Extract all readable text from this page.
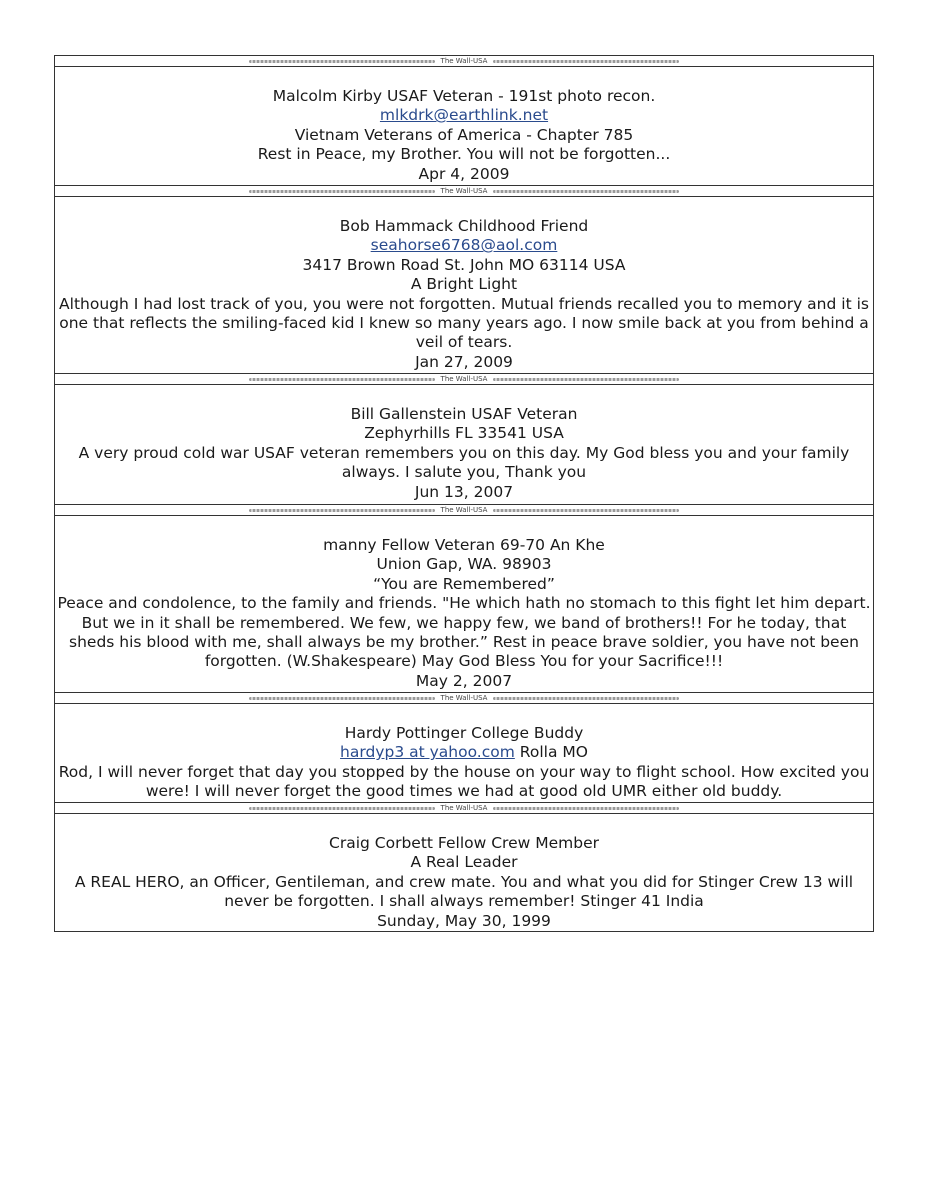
The Wall-USA
Malcolm Kirby USAF Veteran - 191st photo recon.
mlkdrk@earthlink.net
Vietnam Veterans of America - Chapter 785
Rest in Peace, my Brother. You will not be forgotten...
Apr 4, 2009
The Wall-USA
Bob Hammack Childhood Friend
seahorse6768@aol.com
3417 Brown Road St. John MO 63114 USA
A Bright Light
Although I had lost track of you, you were not forgotten. Mutual friends recalled you to memory and it is one that reflects the smiling-faced kid I knew so many years ago. I now smile back at you from behind a veil of tears.
Jan 27, 2009
The Wall-USA
Bill Gallenstein USAF Veteran
Zephyrhills FL 33541 USA
A very proud cold war USAF veteran remembers you on this day. My God bless you and your family always. I salute you, Thank you
Jun 13, 2007
The Wall-USA
manny Fellow Veteran 69-70 An Khe
Union Gap, WA. 98903
“You are Remembered”
Peace and condolence, to the family and friends. "He which hath no stomach to this fight let him depart. But we in it shall be remembered. We few, we happy few, we band of brothers!! For he today, that sheds his blood with me, shall always be my brother.” Rest in peace brave soldier, you have not been forgotten. (W.Shakespeare) May God Bless You for your Sacrifice!!!
May 2, 2007
The Wall-USA
Hardy Pottinger College Buddy
hardyp3 at yahoo.com Rolla MO
Rod, I will never forget that day you stopped by the house on your way to flight school. How excited you were! I will never forget the good times we had at good old UMR either old buddy.
The Wall-USA
Craig Corbett Fellow Crew Member
A Real Leader
A REAL HERO, an Officer, Gentileman, and crew mate. You and what you did for Stinger Crew 13 will never be forgotten. I shall always remember! Stinger 41 India
Sunday, May 30, 1999
